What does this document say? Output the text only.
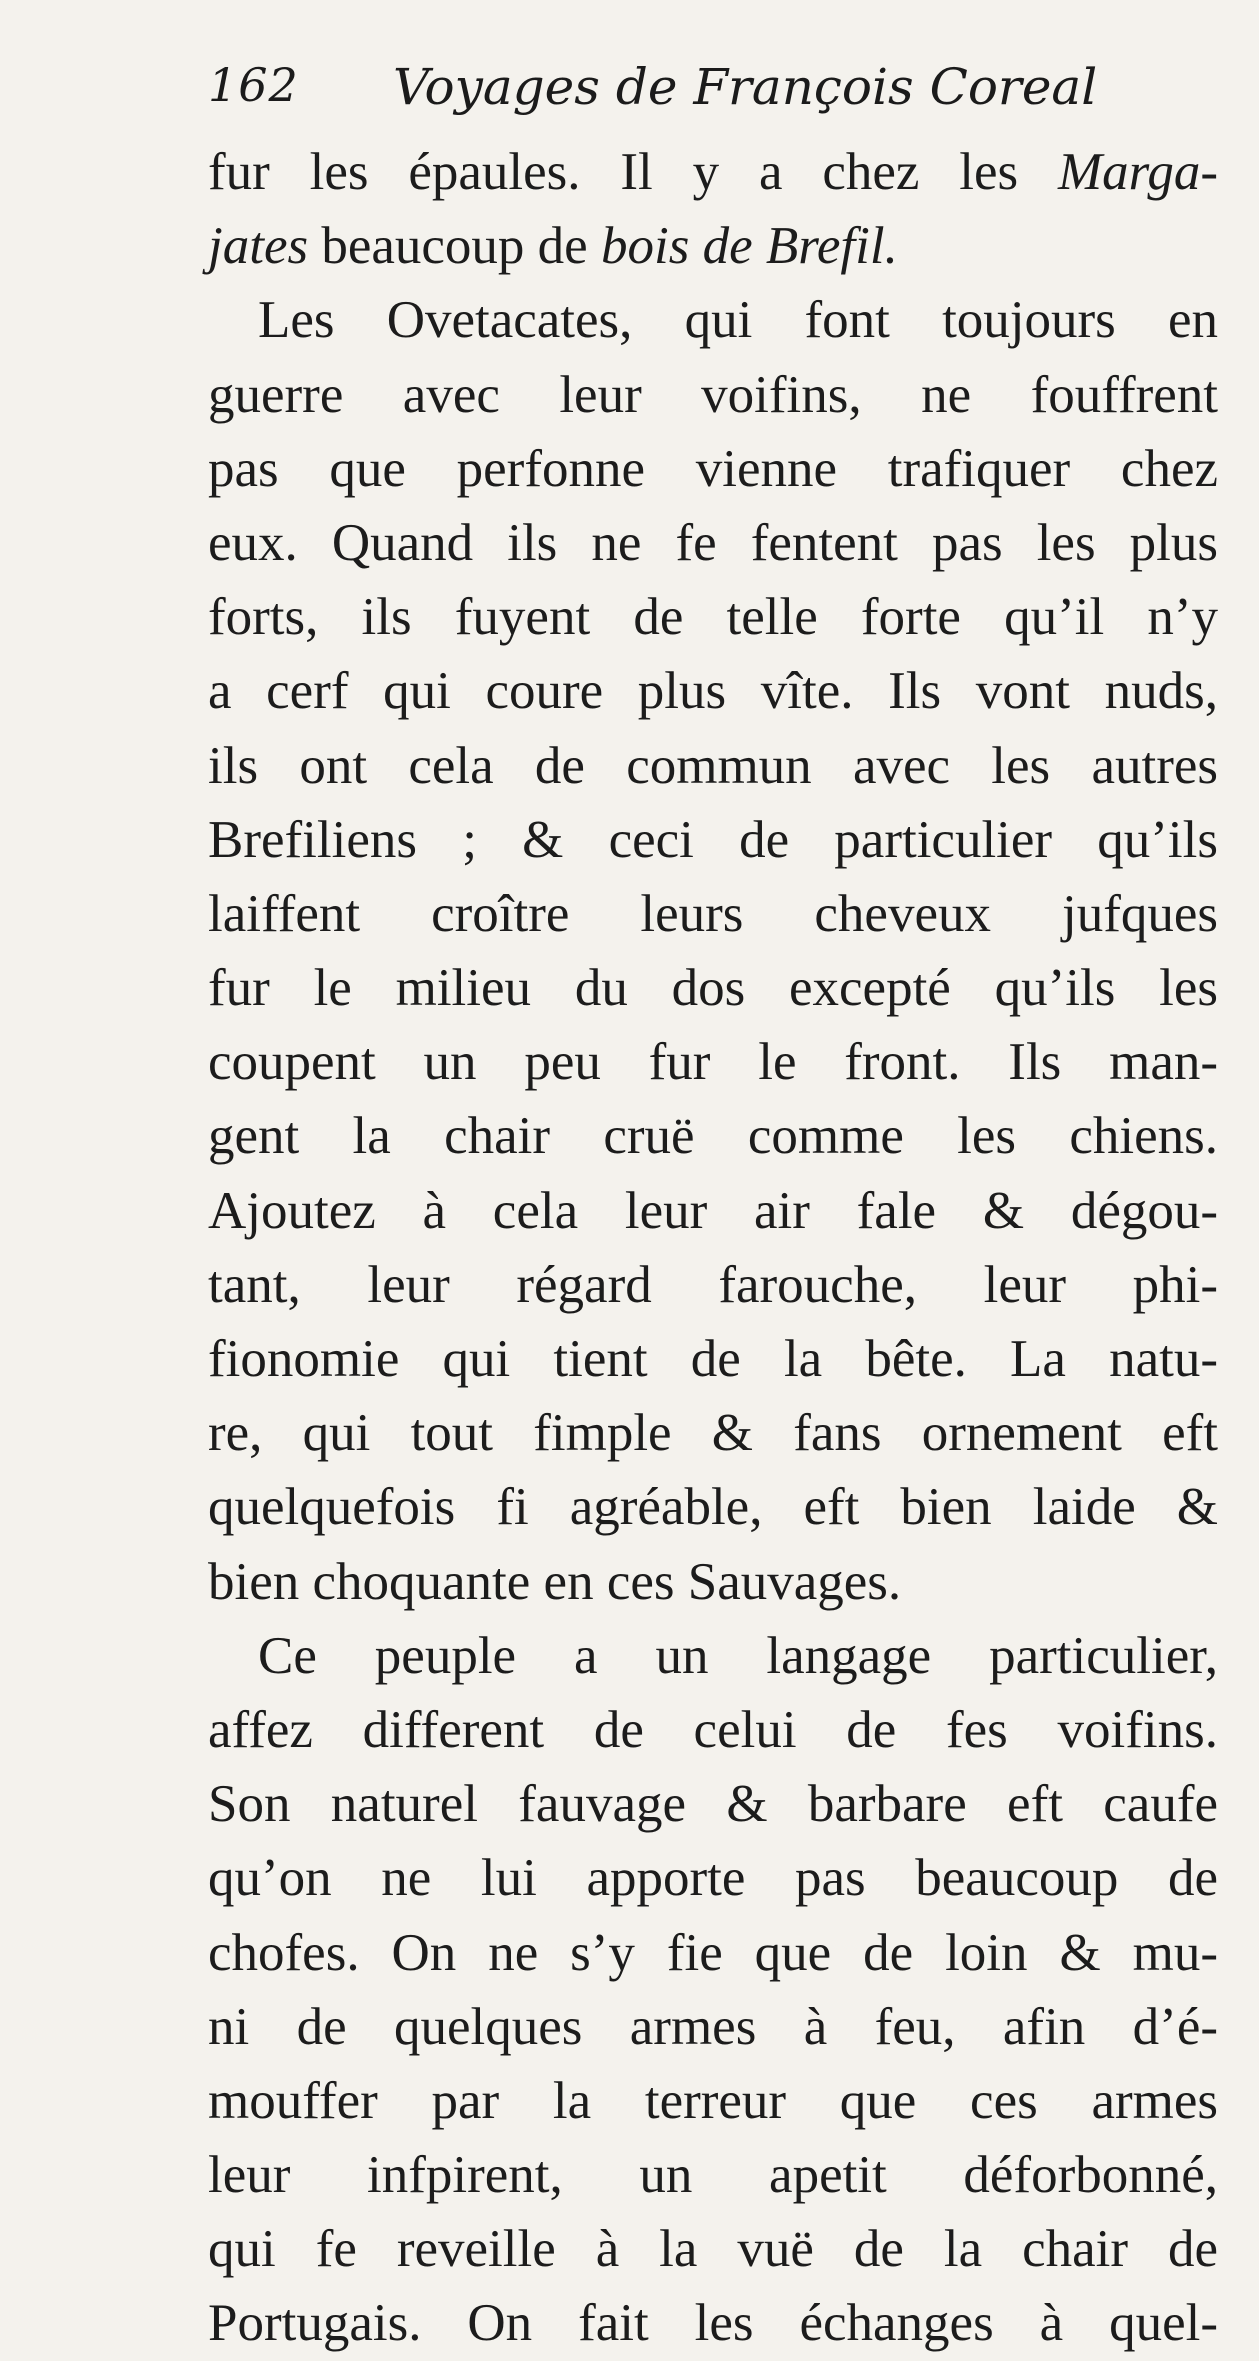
162 Voyages de François Coreal
fur les épaules. Il y a chez les Marga-
jates beaucoup de bois de Brefil.
Les Ovetacates, qui font toujours en
guerre avec leur voifins, ne fouffrent
pas que perfonne vienne trafiquer chez
eux. Quand ils ne fe fentent pas les plus
forts, ils fuyent de telle forte qu’il n’y
a cerf qui coure plus vîte. Ils vont nuds,
ils ont cela de commun avec les autres
Brefiliens ; & ceci de particulier qu’ils
laiffent croître leurs cheveux jufques
fur le milieu du dos excepté qu’ils les
coupent un peu fur le front. Ils man-
gent la chair cruë comme les chiens.
Ajoutez à cela leur air fale & dégou-
tant, leur régard farouche, leur phi-
fionomie qui tient de la bête. La natu-
re, qui tout fimple & fans ornement eft
quelquefois fi agréable, eft bien laide &
bien choquante en ces Sauvages.
Ce peuple a un langage particulier,
affez different de celui de fes voifins.
Son naturel fauvage & barbare eft caufe
qu’on ne lui apporte pas beaucoup de
chofes. On ne s’y fie que de loin & mu-
ni de quelques armes à feu, afin d’é-
mouffer par la terreur que ces armes
leur infpirent, un apetit déforbonné,
qui fe reveille à la vuë de la chair de
Portugais. On fait les échanges à quel-
